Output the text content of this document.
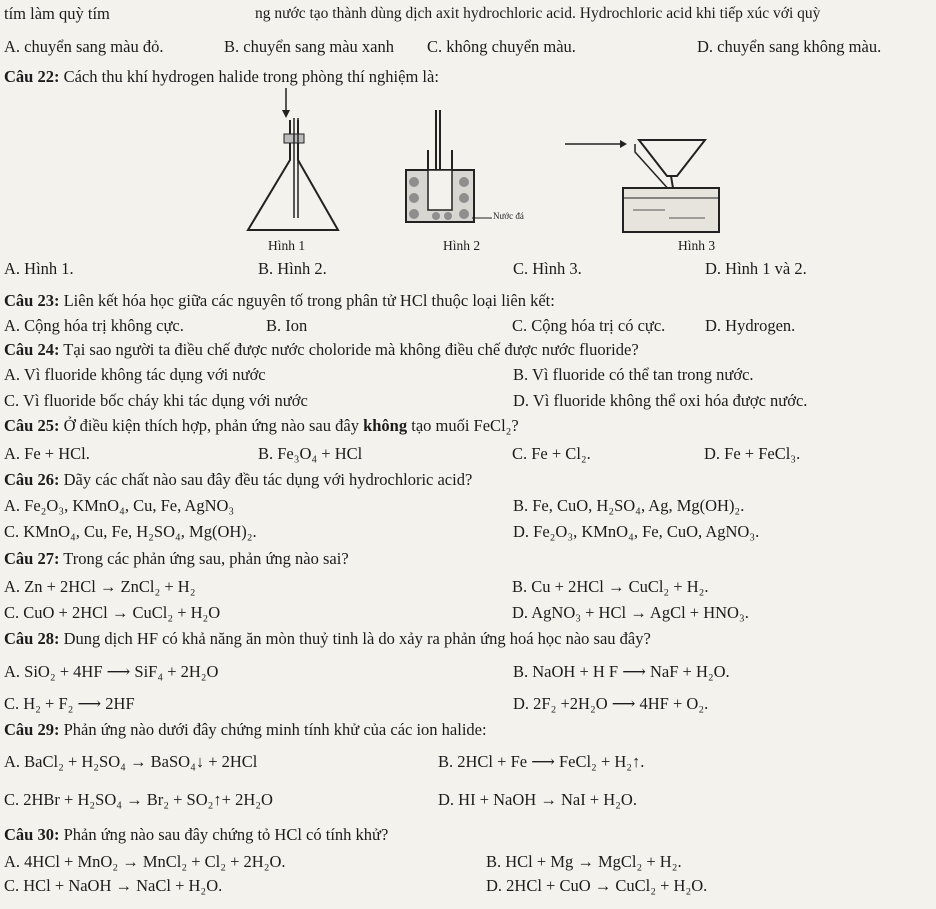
tím làm quỳ tím	ng nước tạo thành dùng dịch axit hydrochloric acid. Hydrochloric acid khi tiếp xúc với quỳ
A. chuyển sang màu đỏ.	B. chuyển sang màu xanh C. không chuyển màu.	D. chuyển sang không màu.
Câu 22: Cách thu khí hydrogen halide trong phòng thí nghiệm là:
Hình 1
Nước đá
Hình 2	Hình 3
A. Hình 1.	B. Hình 2.	C. Hình 3.	D. Hình 1 và 2.
Câu 23: Liên kết hóa học giữa các nguyên tố trong phân tử HCl thuộc loại liên kết:
A. Cộng hóa trị không cực.	B. Ion	C. Cộng hóa trị có cực. D. Hydrogen.
Câu 24: Tại sao người ta điều chế được nước choloride mà không điều chế được nước fluoride?
A. Vì fluoride không tác dụng với nước	B. Vì fluoride có thể tan trong nước.
C. Vì fluoride bốc cháy khi tác dụng với nước	D. Vì fluoride không thể oxi hóa được nước.
Câu 25: Ở điều kiện thích hợp, phản ứng nào sau đây không tạo muối FeCl₂?
A. Fe + HCl.	B. Fe₃O₄ + HCl	C. Fe + Cl₂.	D. Fe + FeCl₃.
Câu 26: Dãy các chất nào sau đây đều tác dụng với hydrochloric acid?
A. Fe₂O₃, KMnO₄, Cu, Fe, AgNO₃	B. Fe, CuO, H₂SO₄, Ag, Mg(OH)₂.
C. KMnO₄, Cu, Fe, H₂SO₄, Mg(OH)₂.	D. Fe₂O₃, KMnO₄, Fe, CuO, AgNO₃.
Câu 27: Trong các phản ứng sau, phản ứng nào sai?
A. Zn + 2HCl → ZnCl₂ + H₂	B. Cu + 2HCl → CuCl₂ + H₂.
C. CuO + 2HCl → CuCl₂ + H₂O	D. AgNO₃ + HCl → AgCl + HNO₃.
Câu 28: Dung dịch HF có khả năng ăn mòn thuỷ tinh là do xảy ra phản ứng hoá học nào sau đây?
A. SiO₂ + 4HF ⟶ SiF₄ + 2H₂O	B. NaOH + H F ⟶ NaF + H₂O.
C. H₂ + F₂ ⟶ 2HF	D. 2F₂ +2H₂O ⟶ 4HF + O₂.
Câu 29: Phản ứng nào dưới đây chứng minh tính khử của các ion halide:
A. BaCl₂ + H₂SO₄ → BaSO₄↓ + 2HCl	B. 2HCl + Fe ⟶ FeCl₂ + H₂↑.
C. 2HBr + H₂SO₄ → Br₂ + SO₂↑+ 2H₂O	D. HI + NaOH → NaI + H₂O.
Câu 30: Phản ứng nào sau đây chứng tỏ HCl có tính khử?
A. 4HCl + MnO₂ → MnCl₂ + Cl₂ + 2H₂O.	B. HCl + Mg → MgCl₂ + H₂.
C. HCl + NaOH → NaCl + H₂O.	D. 2HCl + CuO → CuCl₂ + H₂O.
